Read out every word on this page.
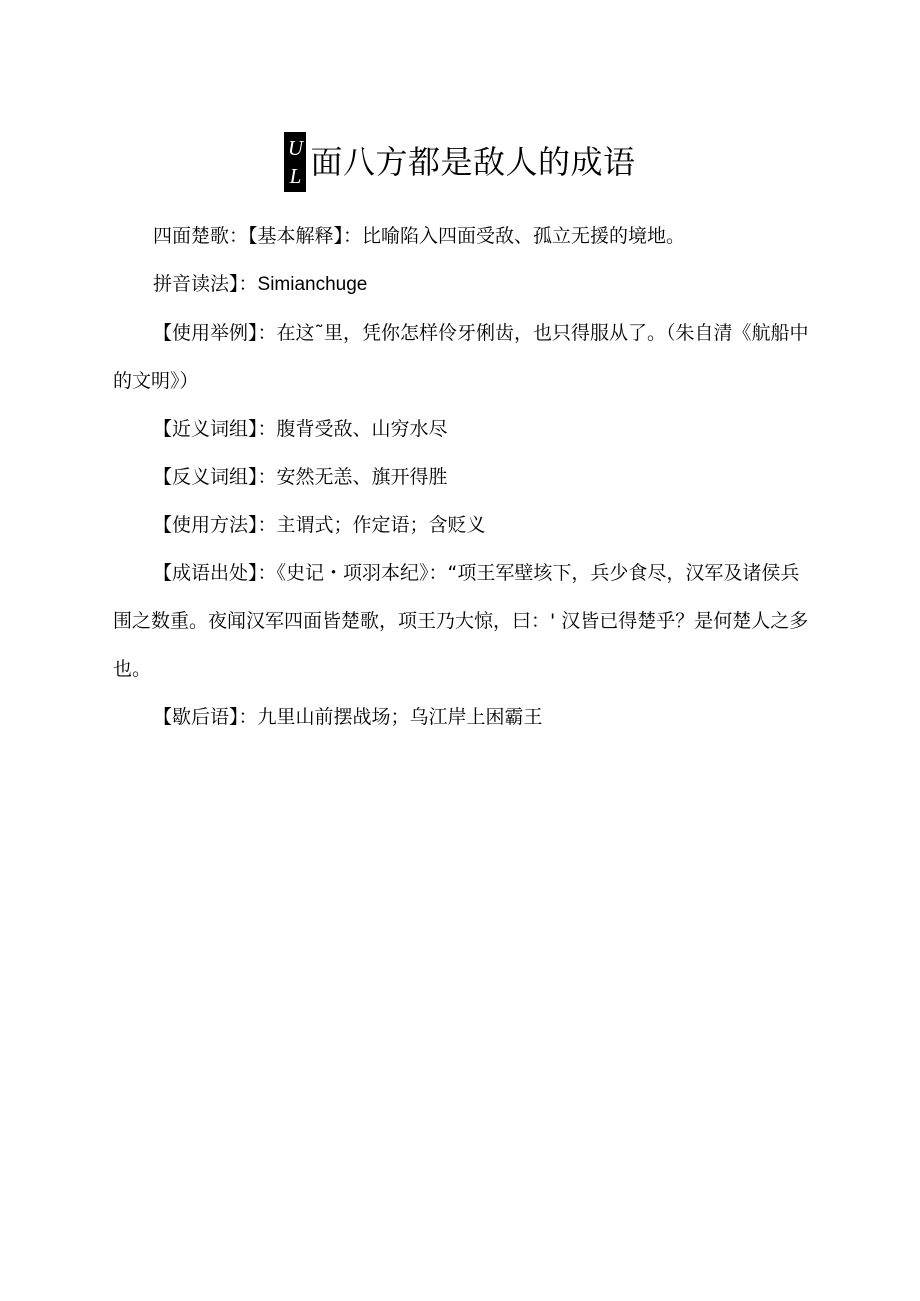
U
L 面八方都是敌人的成语

四面楚歌：【基本解释】：比喻陷入四面受敌、孤立无援的境地。

拼音读法】：Simianchuge

【使用举例】：在这˜里，凭你怎样伶牙俐齿，也只得服从了。（朱自清《航船中的文明》）

【近义词组】：腹背受敌、山穷水尽

【反义词组】：安然无恙、旗开得胜

【使用方法】：主谓式；作定语；含贬义

【成语出处】：《史记・项羽本纪》：“项王军壁垓下，兵少食尽，汉军及诸侯兵围之数重。夜闻汉军四面皆楚歌，项王乃大惊，曰：' 汉皆已得楚乎？是何楚人之多也。

【歇后语】：九里山前摆战场；乌江岸上困霸王
